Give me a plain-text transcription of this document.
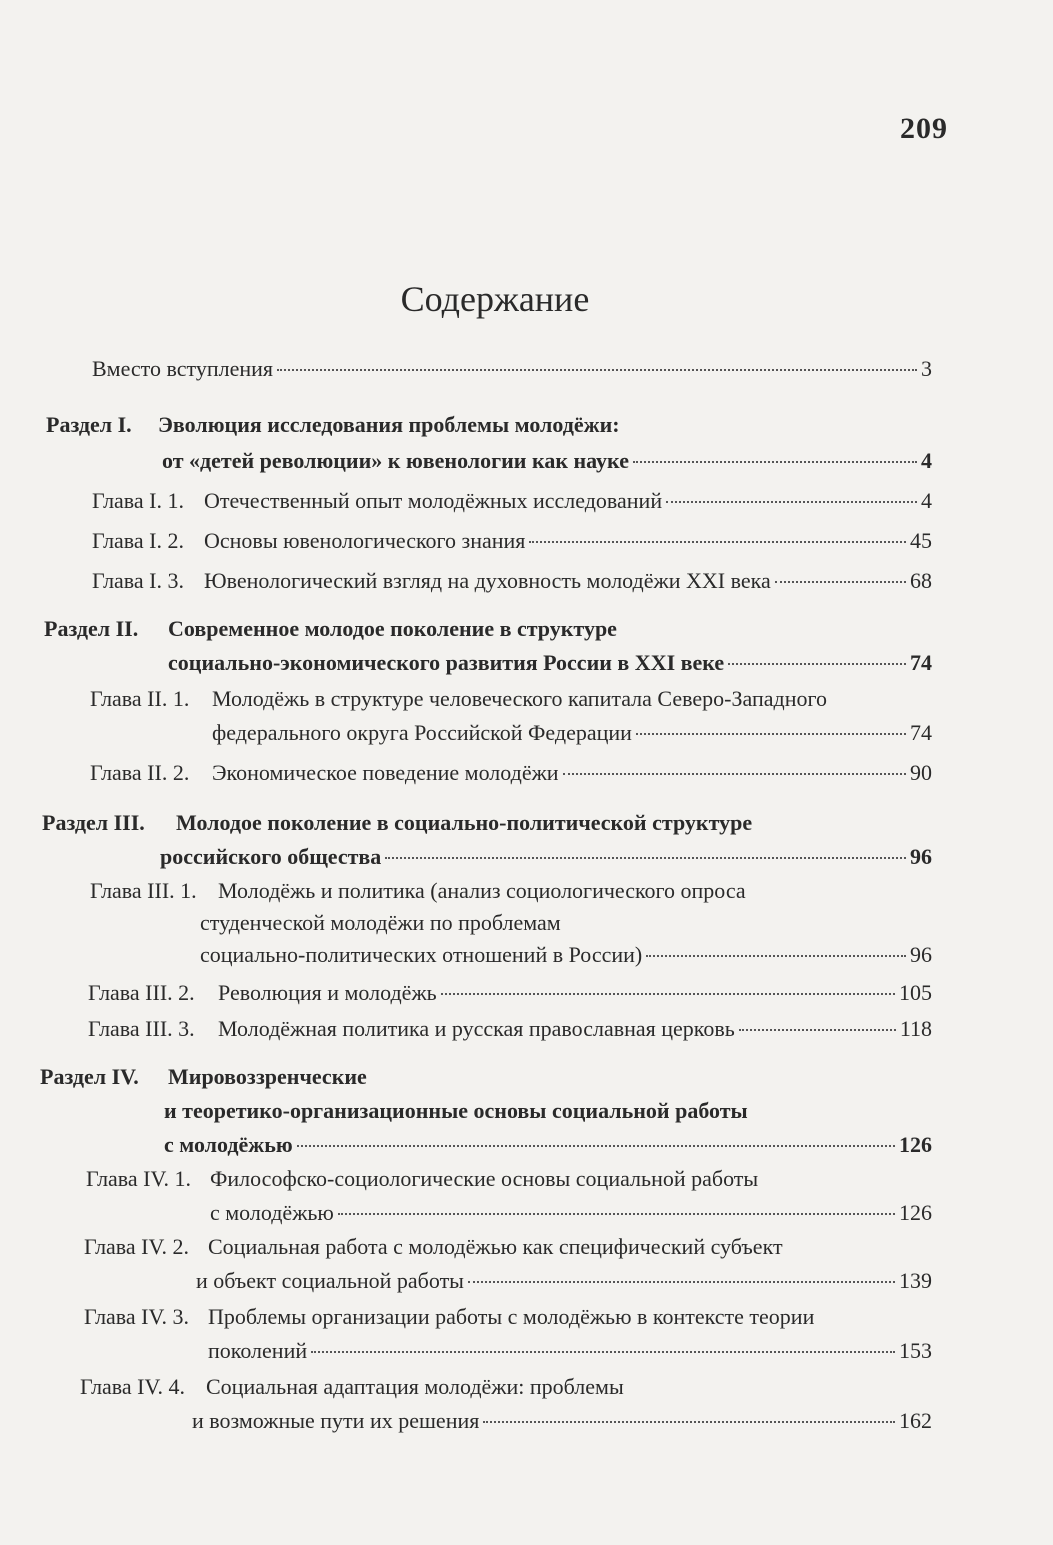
209
Содержание
Вместо вступления	3
Раздел I.	Эволюция исследования проблемы молодёжи:
от «детей революции» к ювенологии как науке	4
Глава I. 1. Отечественный опыт молодёжных исследований	4
Глава I. 2. Основы ювенологического знания	45
Глава I. 3. Ювенологический взгляд на духовность молодёжи XXI века	68
Раздел II.	Современное молодое поколение в структуре
социально-экономического развития России в XXI веке	74
Глава II. 1.	Молодёжь в структуре человеческого капитала Северо-Западного
федерального округа Российской Федерации	74
Глава II. 2.	Экономическое поведение молодёжи	90
Раздел III.	Молодое поколение в социально-политической структуре
российского общества	96
Глава III. 1. Молодёжь и политика (анализ социологического опроса
студенческой молодёжи по проблемам
социально-политических отношений в России)	96
Глава III. 2.	Революция и молодёжь	105
Глава III. 3.	Молодёжная политика и русская православная церковь	118
Раздел IV.	Мировоззренческие
и теоретико-организационные основы социальной работы
с молодёжью	126
Глава IV. 1. Философско-социологические основы социальной работы
с молодёжью	126
Глава IV. 2. Социальная работа с молодёжью как специфический субъект
и объект социальной работы	139
Глава IV. 3. Проблемы организации работы с молодёжью в контексте теории
поколений	153
Глава IV. 4. Социальная адаптация молодёжи: проблемы
и возможные пути их решения	162
